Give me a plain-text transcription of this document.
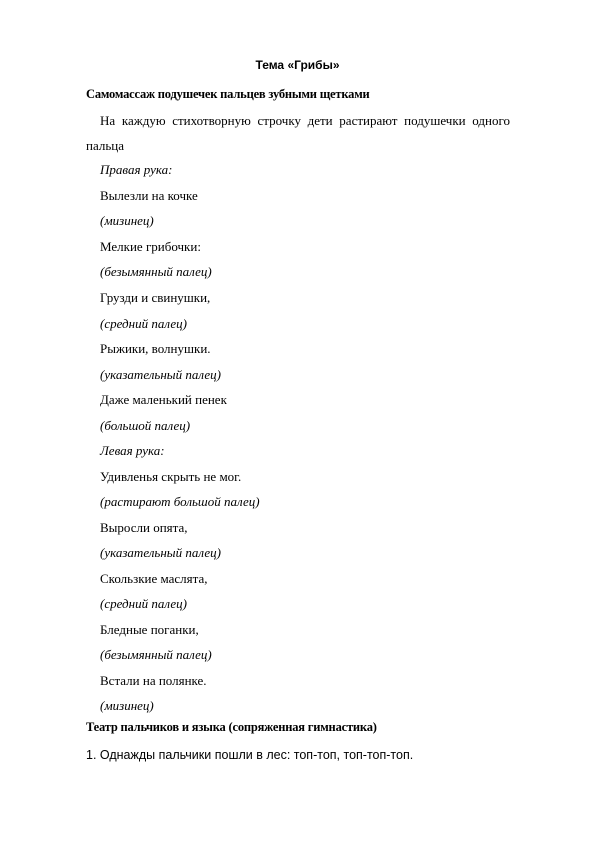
Тема «Грибы»
Самомассаж подушечек пальцев зубными щетками
На каждую стихотворную строчку дети растирают подушечки одного
пальца
Правая рука:
Вылезли на кочке
(мизинец)
Мелкие грибочки:
(безымянный палец)
Грузди и свинушки,
(средний палец)
Рыжики, волнушки.
(указательный палец)
Даже маленький пенек
(большой палец)
Левая рука:
Удивленья скрыть не мог.
(растирают большой палец)
Выросли опята,
(указательный палец)
Скользкие маслята,
(средний палец)
Бледные поганки,
(безымянный палец)
Встали на полянке.
(мизинец)
Театр пальчиков и языка (сопряженная гимнастика)
1. Однажды пальчики пошли в лес: топ-топ, топ-топ-топ.
